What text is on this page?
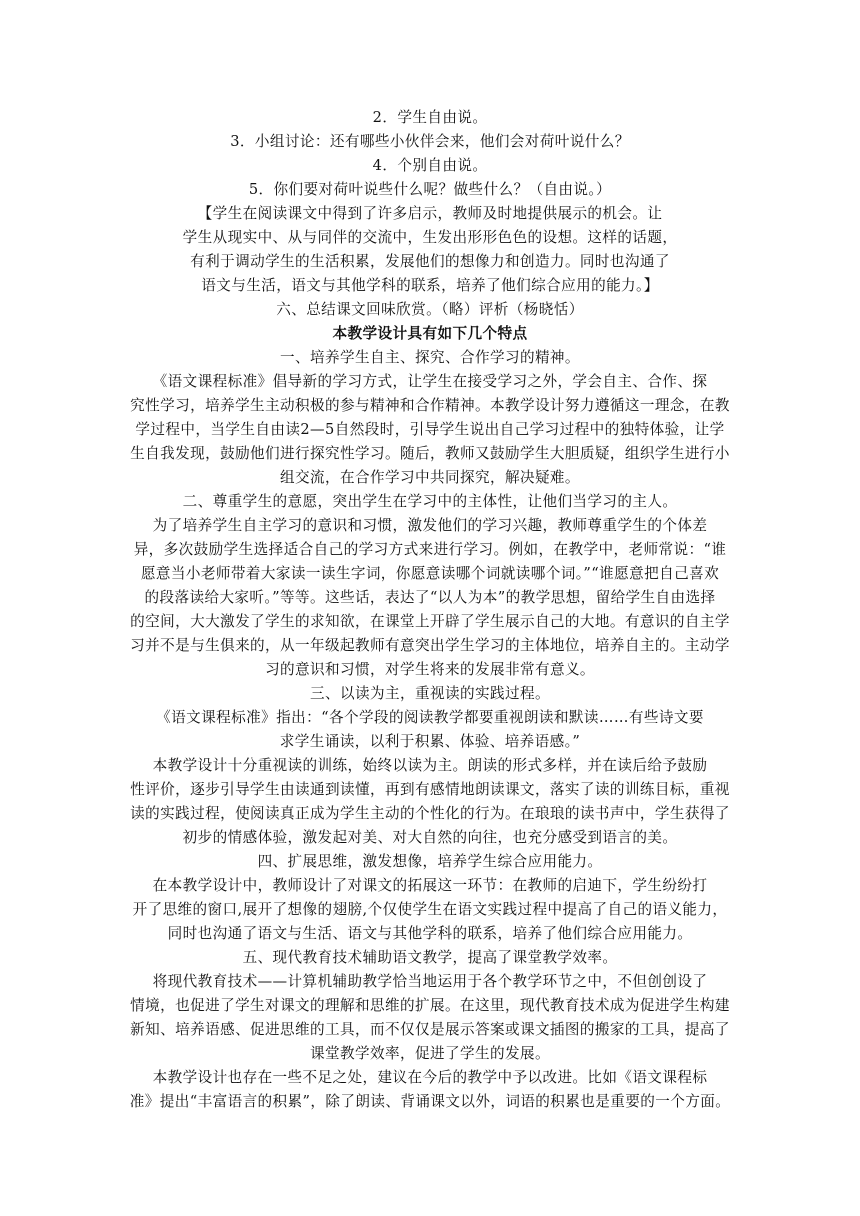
2．学生自由说。
3．小组讨论：还有哪些小伙伴会来，他们会对荷叶说什么？
4．个别自由说。
5．你们要对荷叶说些什么呢？做些什么？（自由说。）
【学生在阅读课文中得到了许多启示，教师及时地提供展示的机会。让
学生从现实中、从与同伴的交流中，生发出形形色色的设想。这样的话题，
有利于调动学生的生活积累，发展他们的想像力和创造力。同时也沟通了
语文与生活，语文与其他学科的联系，培养了他们综合应用的能力。】
六、总结课文回味欣赏。（略）评析（杨晓恬）
本教学设计具有如下几个特点
一、培养学生自主、探究、合作学习的精神。
《语文课程标准》倡导新的学习方式，让学生在接受学习之外，学会自主、合作、探
究性学习，培养学生主动积极的参与精神和合作精神。本教学设计努力遵循这一理念，在教
学过程中，当学生自由读2—5自然段时，引导学生说出自己学习过程中的独特体验，让学
生自我发现，鼓励他们进行探究性学习。随后，教师又鼓励学生大胆质疑，组织学生进行小
组交流，在合作学习中共同探究，解决疑难。
二、尊重学生的意愿，突出学生在学习中的主体性，让他们当学习的主人。
为了培养学生自主学习的意识和习惯，激发他们的学习兴趣，教师尊重学生的个体差
异，多次鼓励学生选择适合自己的学习方式来进行学习。例如，在教学中，老师常说：“谁
愿意当小老师带着大家读一读生字词，你愿意读哪个词就读哪个词。”“谁愿意把自己喜欢
的段落读给大家听。”等等。这些话，表达了“以人为本”的教学思想，留给学生自由选择
的空间，大大激发了学生的求知欲，在课堂上开辟了学生展示自己的大地。有意识的自主学
习并不是与生俱来的，从一年级起教师有意突出学生学习的主体地位，培养自主的。主动学
习的意识和习惯，对学生将来的发展非常有意义。
三、以读为主，重视读的实践过程。
《语文课程标准》指出：“各个学段的阅读教学都要重视朗读和默读……有些诗文要
求学生诵读，以利于积累、体验、培养语感。”
本教学设计十分重视读的训练，始终以读为主。朗读的形式多样，并在读后给予鼓励
性评价，逐步引导学生由读通到读懂，再到有感情地朗读课文，落实了读的训练目标，重视
读的实践过程，使阅读真正成为学生主动的个性化的行为。在琅琅的读书声中，学生获得了
初步的情感体验，激发起对美、对大自然的向往，也充分感受到语言的美。
四、扩展思维，激发想像，培养学生综合应用能力。
在本教学设计中，教师设计了对课文的拓展这一环节：在教师的启迪下，学生纷纷打
开了思维的窗口,展开了想像的翅膀,个仅使学生在语文实践过程中提高了自己的语义能力，
同时也沟通了语文与生活、语文与其他学科的联系，培养了他们综合应用能力。
五、现代教育技术辅助语文教学，提高了课堂教学效率。
将现代教育技术——计算机辅助教学恰当地运用于各个教学环节之中，不但创创设了
情境，也促进了学生对课文的理解和思维的扩展。在这里，现代教育技术成为促进学生构建
新知、培养语感、促进思维的工具，而不仅仅是展示答案或课文插图的搬家的工具，提高了
课堂教学效率，促进了学生的发展。
本教学设计也存在一些不足之处，建议在今后的教学中予以改进。比如《语文课程标
准》提出“丰富语言的积累”，除了朗读、背诵课文以外，词语的积累也是重要的一个方面。
